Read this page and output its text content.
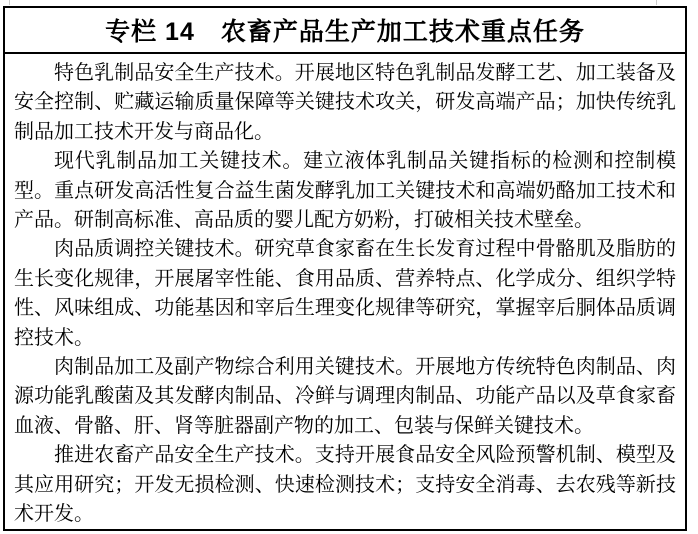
专栏 14　农畜产品生产加工技术重点任务

特色乳制品安全生产技术。开展地区特色乳制品发酵工艺、加工装备及安全控制、贮藏运输质量保障等关键技术攻关，研发高端产品；加快传统乳制品加工技术开发与商品化。

现代乳制品加工关键技术。建立液体乳制品关键指标的检测和控制模型。重点研发高活性复合益生菌发酵乳加工关键技术和高端奶酪加工技术和产品。研制高标准、高品质的婴儿配方奶粉，打破相关技术壁垒。

肉品质调控关键技术。研究草食家畜在生长发育过程中骨骼肌及脂肪的生长变化规律，开展屠宰性能、食用品质、营养特点、化学成分、组织学特性、风味组成、功能基因和宰后生理变化规律等研究，掌握宰后胴体品质调控技术。

肉制品加工及副产物综合利用关键技术。开展地方传统特色肉制品、肉源功能乳酸菌及其发酵肉制品、冷鲜与调理肉制品、功能产品以及草食家畜血液、骨骼、肝、肾等脏器副产物的加工、包装与保鲜关键技术。

推进农畜产品安全生产技术。支持开展食品安全风险预警机制、模型及其应用研究；开发无损检测、快速检测技术；支持安全消毒、去农残等新技术开发。
